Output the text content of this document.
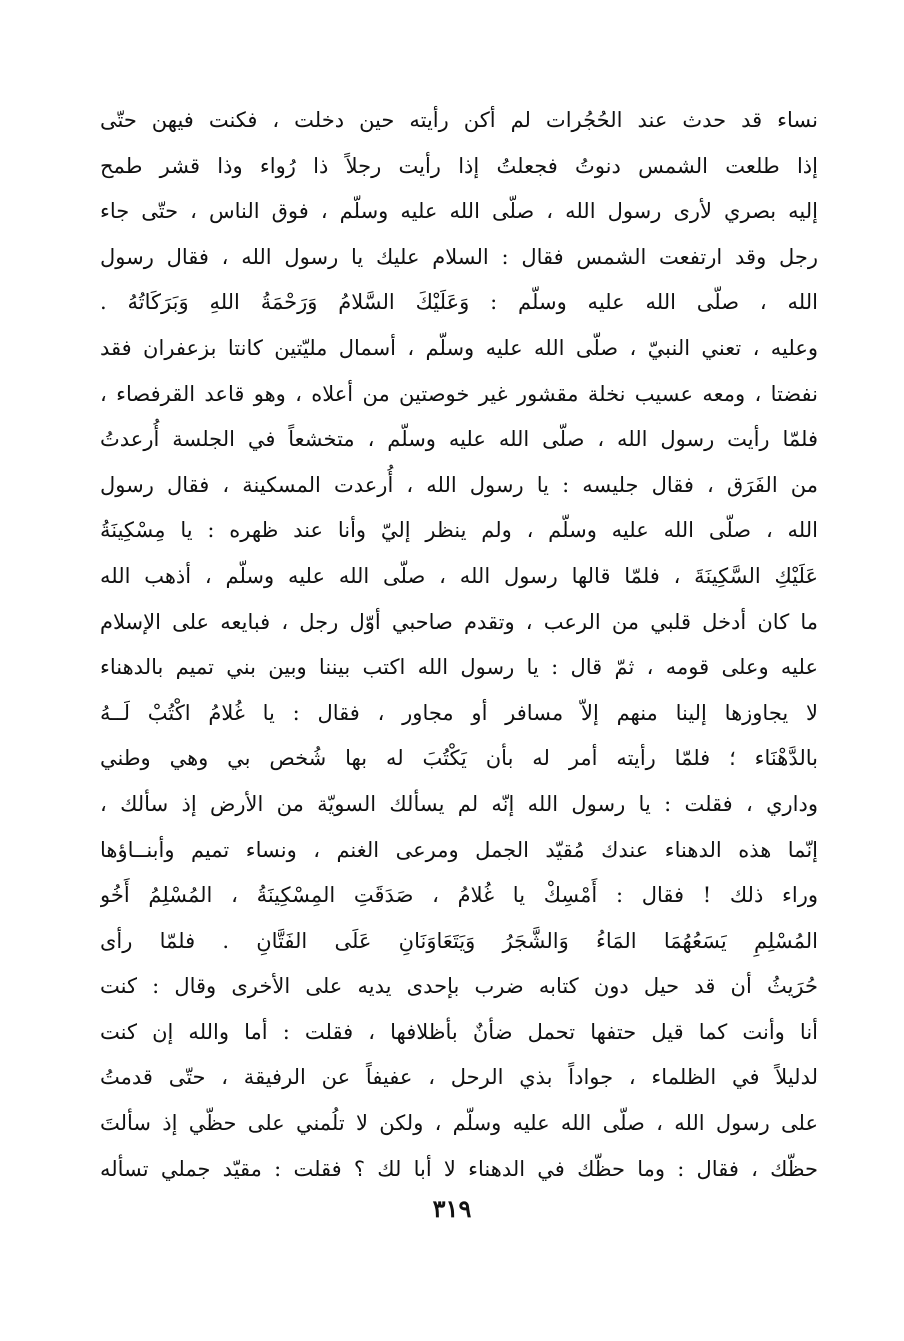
نساء قد حدث عند الحُجُرات لم أكن رأيته حين دخلت ، فكنت فيهن حتّى
إذا طلعت الشمس دنوتُ فجعلتُ إذا رأيت رجلاً ذا رُواء وذا قشر طمح
إليه بصري لأرى رسول الله ، صلّى الله عليه وسلّم ، فوق الناس ، حتّى جاء
رجل وقد ارتفعت الشمس فقال : السلام عليك يا رسول الله ، فقال رسول
الله ، صلّى الله عليه وسلّم : وَعَلَيْكَ السَّلامُ وَرَحْمَةُ اللهِ وَبَرَكَاتُهُ .
وعليه ، تعني النبيّ ، صلّى الله عليه وسلّم ، أسمال مليّتين كانتا بزعفران فقد
نفضتا ، ومعه عسيب نخلة مقشور غير خوصتين من أعلاه ، وهو قاعد القرفصاء ،
فلمّا رأيت رسول الله ، صلّى الله عليه وسلّم ، متخشعاً في الجلسة أُرعدتُ
من الفَرَق ، فقال جليسه : يا رسول الله ، أُرعدت المسكينة ، فقال رسول
الله ، صلّى الله عليه وسلّم ، ولم ينظر إليّ وأنا عند ظهره : يا مِسْكِينَةُ
عَلَيْكِ السَّكِينَةَ ، فلمّا قالها رسول الله ، صلّى الله عليه وسلّم ، أذهب الله
ما كان أدخل قلبي من الرعب ، وتقدم صاحبي أوّل رجل ، فبايعه على الإسلام
عليه وعلى قومه ، ثمّ قال : يا رسول الله اكتب بيننا وبين بني تميم بالدهناء
لا يجاوزها إلينا منهم إلاّ مسافر أو مجاور ، فقال : يا غُلامُ اكْتُبْ لَــهُ
بالدَّهْنَاء ؛ فلمّا رأيته أمر له بأن يَكْتُبَ له بها شُخص بي وهي وطني
وداري ، فقلت : يا رسول الله إنّه لم يسألك السويّة من الأرض إذ سألك ،
إنّما هذه الدهناء عندك مُقيّد الجمل ومرعى الغنم ، ونساء تميم وأبنــاؤها
وراء ذلك ! فقال : أَمْسِكْ يا غُلامُ ، صَدَقَتِ المِسْكِينَةُ ، المُسْلِمُ أَخُو
المُسْلِمِ يَسَعُهُمَا المَاءُ وَالشَّجَرُ وَيَتَعَاوَنَانِ عَلَى الفَتَّانِ . فلمّا رأى
حُرَيثُ أن قد حيل دون كتابه ضرب بإحدى يديه على الأخرى وقال : كنت
أنا وأنت كما قيل حتفها تحمل ضأنٌ بأظلافها ، فقلت : أما والله إن كنت
لدليلاً في الظلماء ، جواداً بذي الرحل ، عفيفاً عن الرفيقة ، حتّى قدمتُ
على رسول الله ، صلّى الله عليه وسلّم ، ولكن لا تلُمني على حظّي إذ سألتَ
حظّك ، فقال : وما حظّك في الدهناء لا أبا لك ؟ فقلت : مقيّد جملي تسأله
٣١٩
